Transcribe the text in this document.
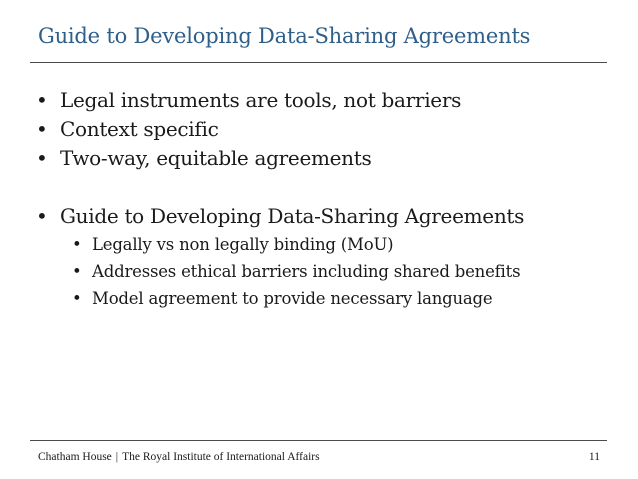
Guide to Developing Data-Sharing Agreements
• Legal instruments are tools, not barriers
• Context specific
• Two-way, equitable agreements
• Guide to Developing Data-Sharing Agreements
• Legally vs non legally binding (MoU)
• Addresses ethical barriers including shared benefits
• Model agreement to provide necessary language
Chatham House | The Royal Institute of International Affairs	11
